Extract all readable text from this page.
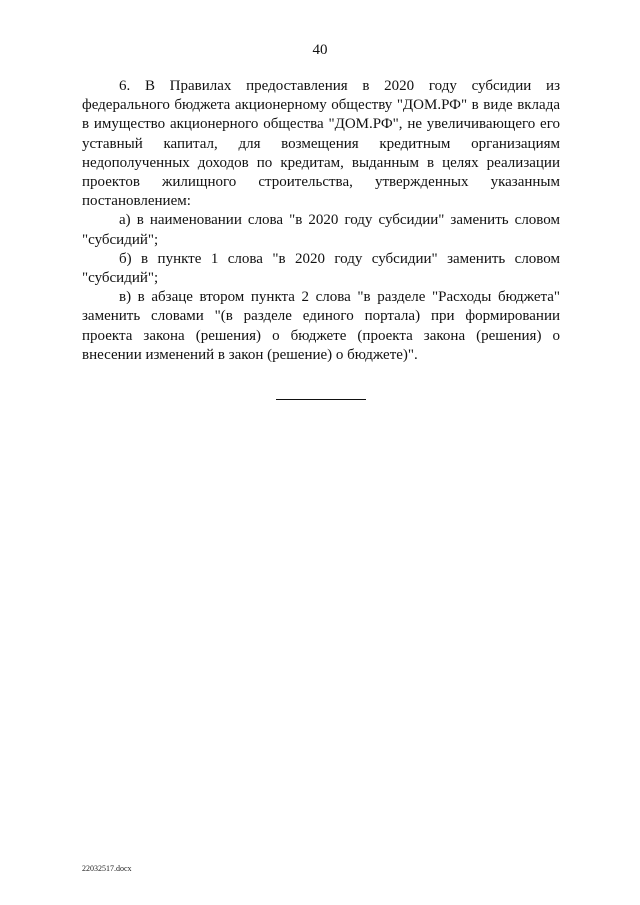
40

6. В Правилах предоставления в 2020 году субсидии из федерального бюджета акционерному обществу "ДОМ.РФ" в виде вклада в имущество акционерного общества "ДОМ.РФ", не увеличивающего его уставный капитал, для возмещения кредитным организациям недополученных доходов по кредитам, выданным в целях реализации проектов жилищного строительства, утвержденных указанным постановлением:

а) в наименовании слова "в 2020 году субсидии" заменить словом "субсидий";

б) в пункте 1 слова "в 2020 году субсидии" заменить словом "субсидий";

в) в абзаце втором пункта 2 слова "в разделе "Расходы бюджета" заменить словами "(в разделе единого портала) при формировании проекта закона (решения) о бюджете (проекта закона (решения) о внесении изменений в закон (решение) о бюджете)".

22032517.docx
